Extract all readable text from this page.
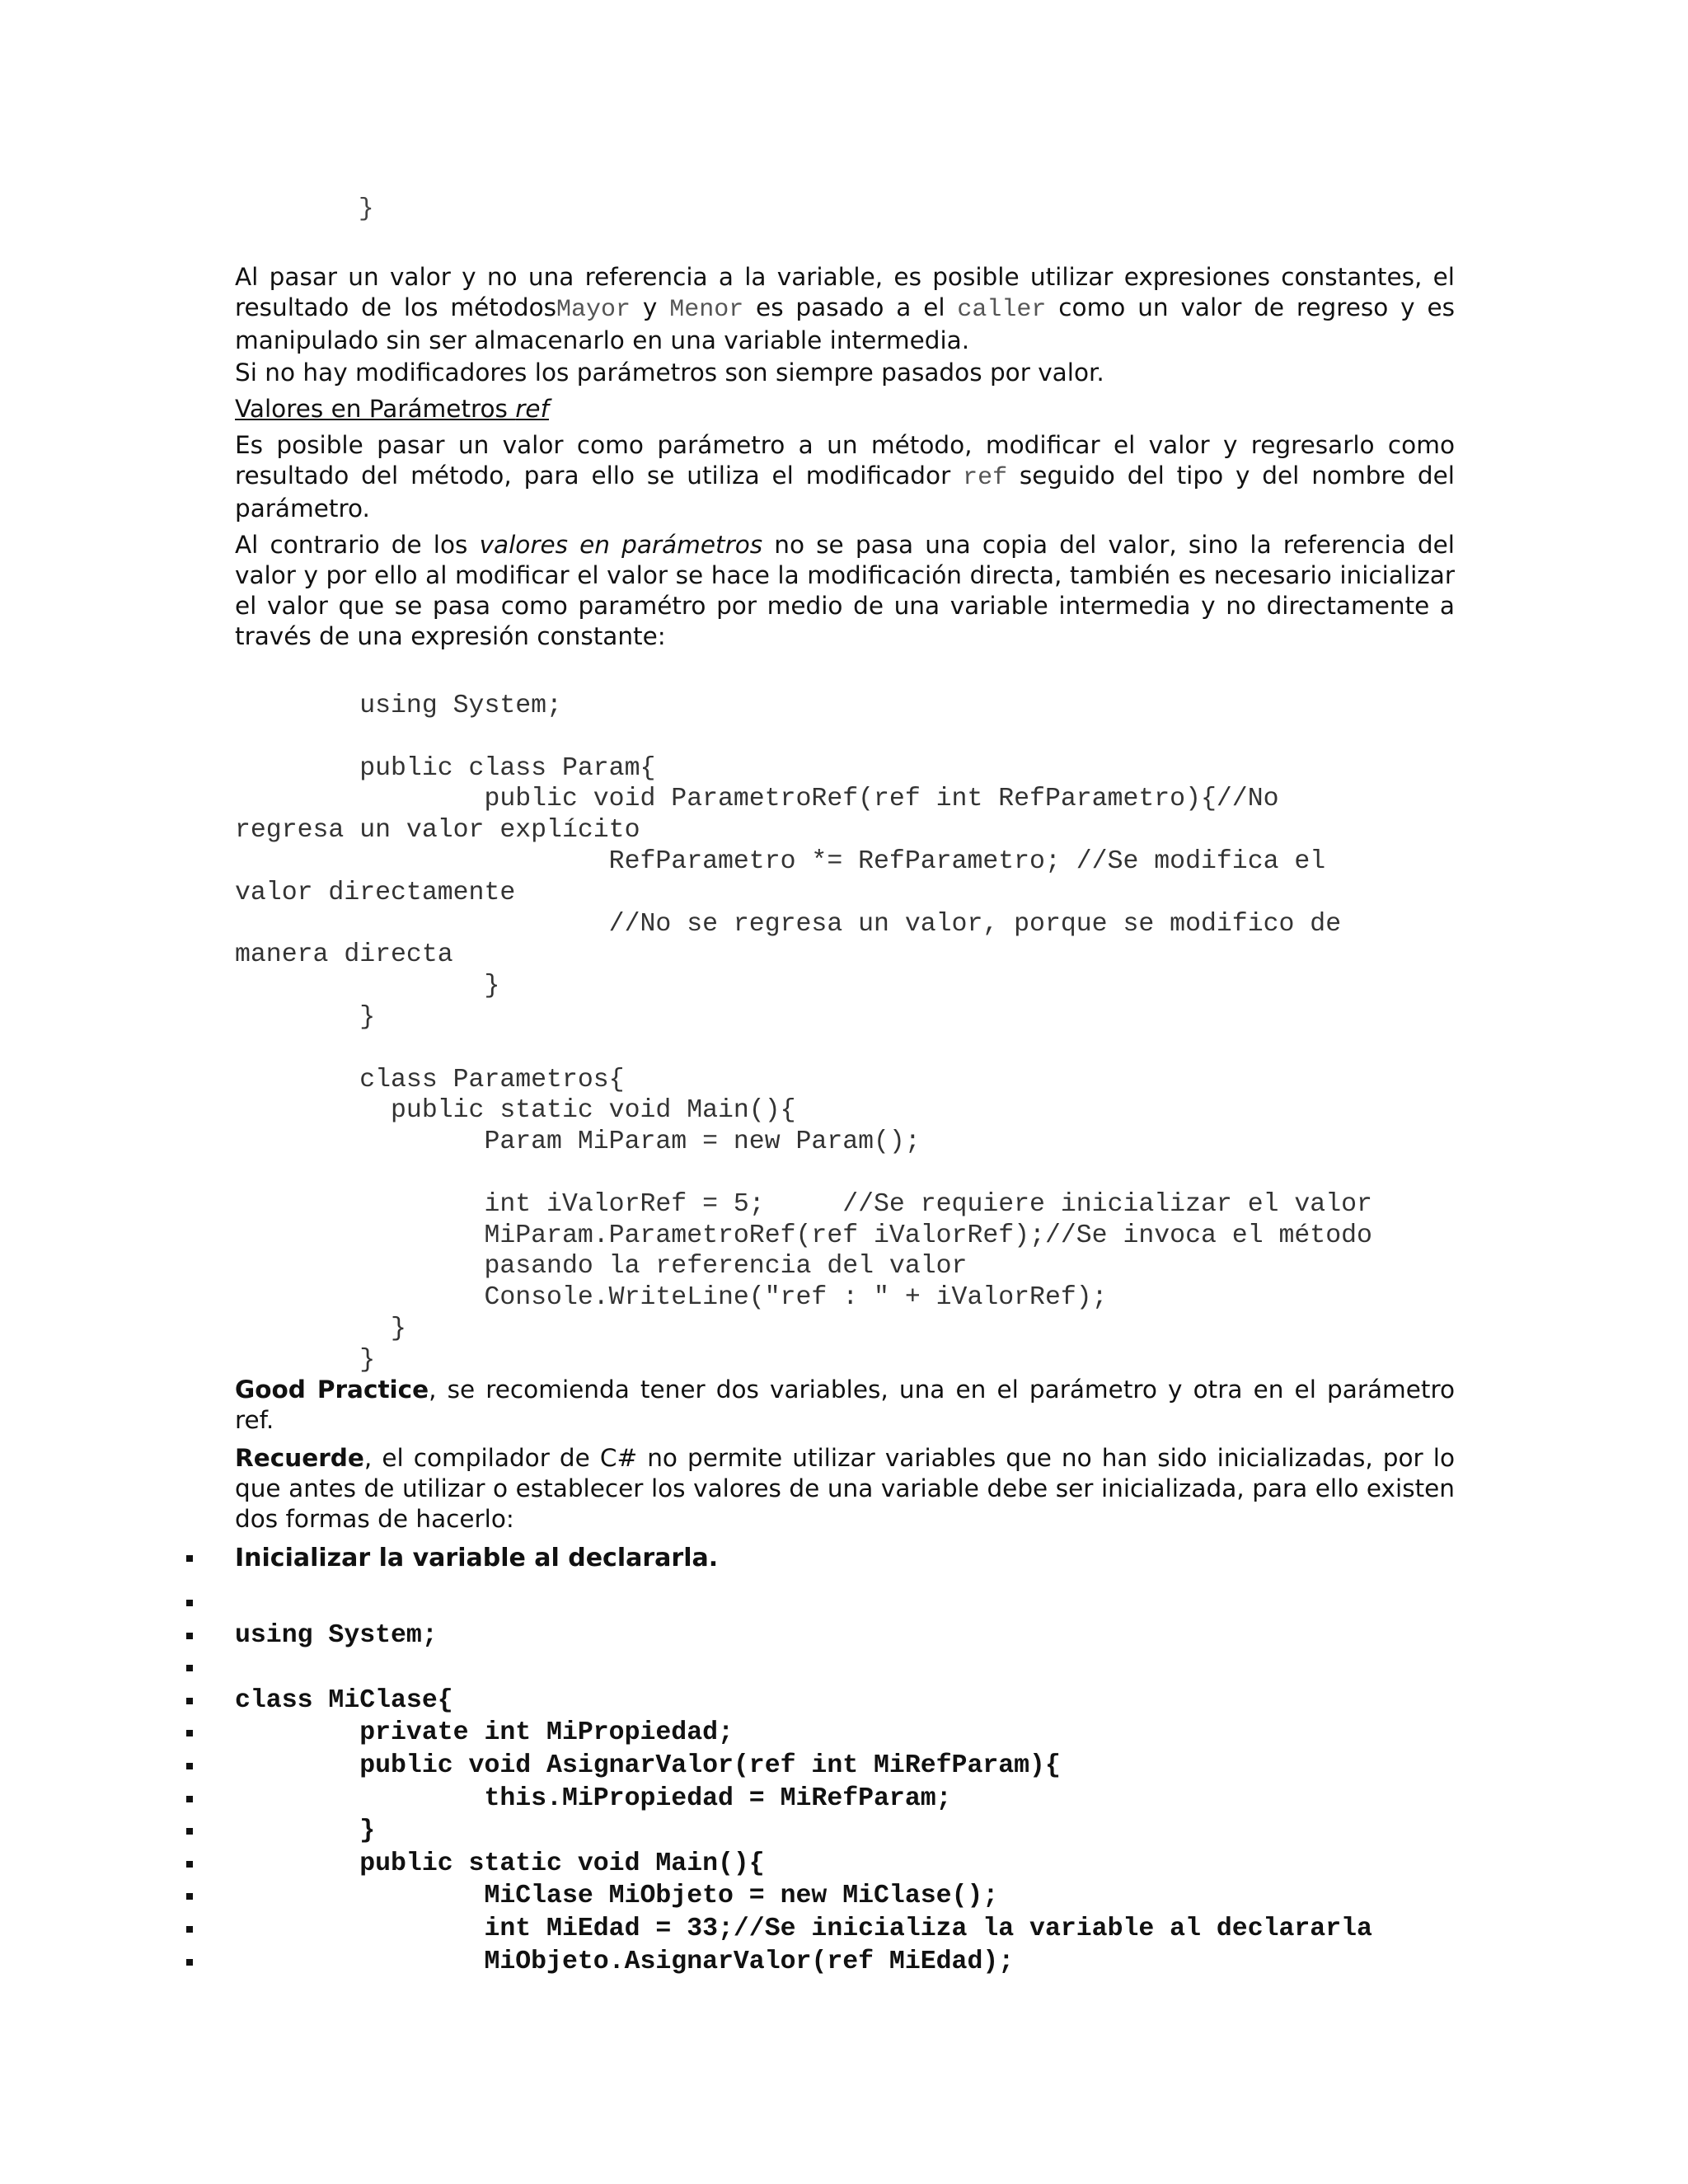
}

Al pasar un valor y no una referencia a la variable, es posible utilizar expresiones constantes, el resultado de los métodosMayor y Menor es pasado a el caller como un valor de regreso y es manipulado sin ser almacenarlo en una variable intermedia.

Si no hay modificadores los parámetros son siempre pasados por valor.

Valores en Parámetros ref

Es posible pasar un valor como parámetro a un método, modificar el valor y regresarlo como resultado del método, para ello se utiliza el modificador ref seguido del tipo y del nombre del parámetro.

Al contrario de los valores en parámetros no se pasa una copia del valor, sino la referencia del valor y por ello al modificar el valor se hace la modificación directa, también es necesario inicializar el valor que se pasa como paramétro por medio de una variable intermedia y no directamente a través de una expresión constante:

using System;

public class Param{
public void ParametroRef(ref int RefParametro){//No
regresa un valor explícito
RefParametro *= RefParametro; //Se modifica el
valor directamente
//No se regresa un valor, porque se modifico de
manera directa
}
}

class Parametros{
public static void Main(){
Param MiParam = new Param();

int iValorRef = 5;     //Se requiere inicializar el valor
MiParam.ParametroRef(ref iValorRef);//Se invoca el método
pasando la referencia del valor
Console.WriteLine("ref : " + iValorRef);
}
}

Good Practice, se recomienda tener dos variables, una en el parámetro y otra en el parámetro ref.

Recuerde, el compilador de C# no permite utilizar variables que no han sido inicializadas, por lo que antes de utilizar o establecer los valores de una variable debe ser inicializada, para ello existen dos formas de hacerlo:

Inicializar la variable al declararla.
using System;
class MiClase{
private int MiPropiedad;
public void AsignarValor(ref int MiRefParam){
this.MiPropiedad = MiRefParam;
}
public static void Main(){
MiClase MiObjeto = new MiClase();
int MiEdad = 33;//Se inicializa la variable al declararla
MiObjeto.AsignarValor(ref MiEdad);
